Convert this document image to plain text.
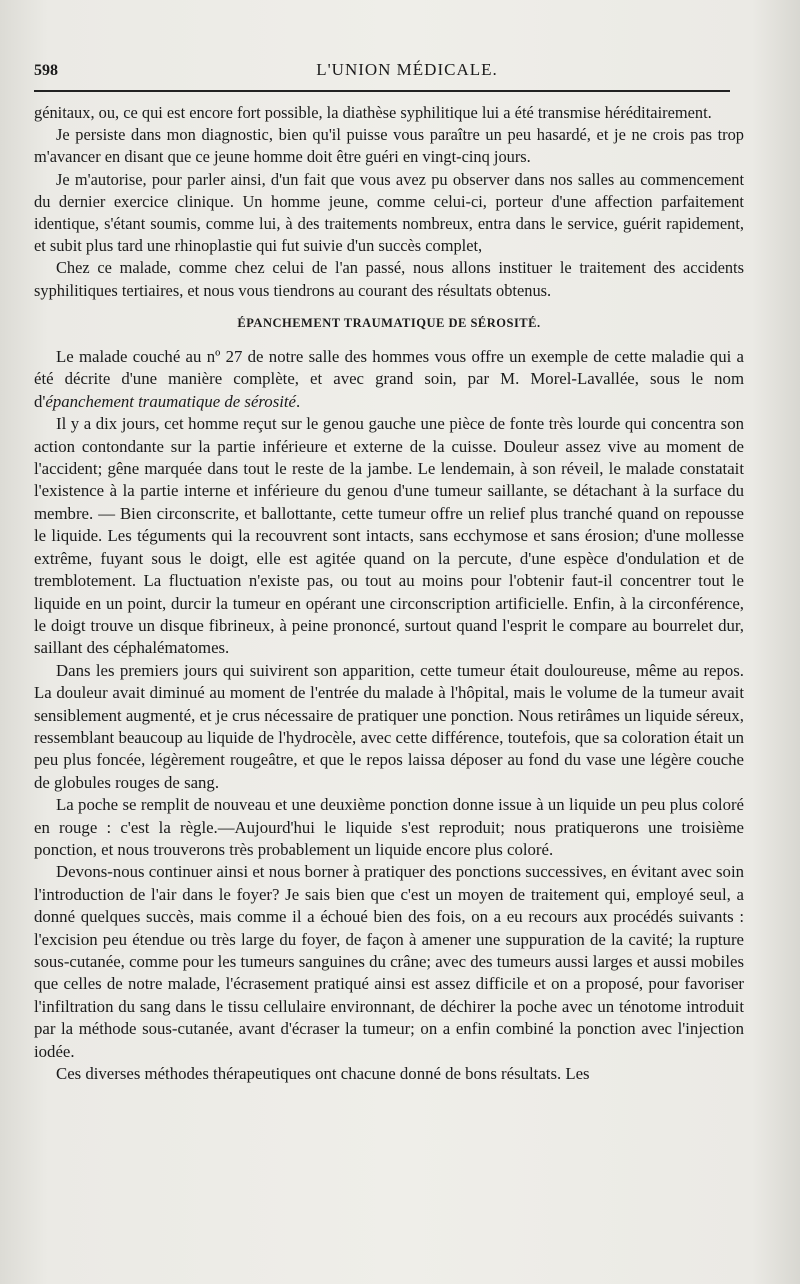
598	L'UNION MÉDICALE.

génitaux, ou, ce qui est encore fort possible, la diathèse syphilitique lui a été transmise héréditairement.

Je persiste dans mon diagnostic, bien qu'il puisse vous paraître un peu hasardé, et je ne crois pas trop m'avancer en disant que ce jeune homme doit être guéri en vingt-cinq jours.

Je m'autorise, pour parler ainsi, d'un fait que vous avez pu observer dans nos salles au commencement du dernier exercice clinique. Un homme jeune, comme celui-ci, porteur d'une affection parfaitement identique, s'étant soumis, comme lui, à des traitements nombreux, entra dans le service, guérit rapidement, et subit plus tard une rhinoplastie qui fut suivie d'un succès complet,

Chez ce malade, comme chez celui de l'an passé, nous allons instituer le traitement des accidents syphilitiques tertiaires, et nous vous tiendrons au courant des résultats obtenus.

ÉPANCHEMENT TRAUMATIQUE DE SÉROSITÉ.

Le malade couché au nº 27 de notre salle des hommes vous offre un exemple de cette maladie qui a été décrite d'une manière complète, et avec grand soin, par M. Morel-Lavallée, sous le nom d'épanchement traumatique de sérosité.

Il y a dix jours, cet homme reçut sur le genou gauche une pièce de fonte très lourde qui concentra son action contondante sur la partie inférieure et externe de la cuisse. Douleur assez vive au moment de l'accident; gêne marquée dans tout le reste de la jambe. Le lendemain, à son réveil, le malade constatait l'existence à la partie interne et inférieure du genou d'une tumeur saillante, se détachant à la surface du membre. — Bien circonscrite, et ballottante, cette tumeur offre un relief plus tranché quand on repousse le liquide. Les téguments qui la recouvrent sont intacts, sans ecchymose et sans érosion; d'une mollesse extrême, fuyant sous le doigt, elle est agitée quand on la percute, d'une espèce d'ondulation et de tremblotement. La fluctuation n'existe pas, ou tout au moins pour l'obtenir faut-il concentrer tout le liquide en un point, durcir la tumeur en opérant une circonscription artificielle. Enfin, à la circonférence, le doigt trouve un disque fibrineux, à peine prononcé, surtout quand l'esprit le compare au bourrelet dur, saillant des céphalématomes.

Dans les premiers jours qui suivirent son apparition, cette tumeur était douloureuse, même au repos. La douleur avait diminué au moment de l'entrée du malade à l'hôpital, mais le volume de la tumeur avait sensiblement augmenté, et je crus nécessaire de pratiquer une ponction. Nous retirâmes un liquide séreux, ressemblant beaucoup au liquide de l'hydrocèle, avec cette différence, toutefois, que sa coloration était un peu plus foncée, légèrement rougeâtre, et que le repos laissa déposer au fond du vase une légère couche de globules rouges de sang.

La poche se remplit de nouveau et une deuxième ponction donne issue à un liquide un peu plus coloré en rouge : c'est la règle.—Aujourd'hui le liquide s'est reproduit; nous pratiquerons une troisième ponction, et nous trouverons très probablement un liquide encore plus coloré.

Devons-nous continuer ainsi et nous borner à pratiquer des ponctions successives, en évitant avec soin l'introduction de l'air dans le foyer? Je sais bien que c'est un moyen de traitement qui, employé seul, a donné quelques succès, mais comme il a échoué bien des fois, on a eu recours aux procédés suivants : l'excision peu étendue ou très large du foyer, de façon à amener une suppuration de la cavité; la rupture sous-cutanée, comme pour les tumeurs sanguines du crâne; avec des tumeurs aussi larges et aussi mobiles que celles de notre malade, l'écrasement pratiqué ainsi est assez difficile et on a proposé, pour favoriser l'infiltration du sang dans le tissu cellulaire environnant, de déchirer la poche avec un ténotome introduit par la méthode sous-cutanée, avant d'écraser la tumeur; on a enfin combiné la ponction avec l'injection iodée.

Ces diverses méthodes thérapeutiques ont chacune donné de bons résultats. Les
